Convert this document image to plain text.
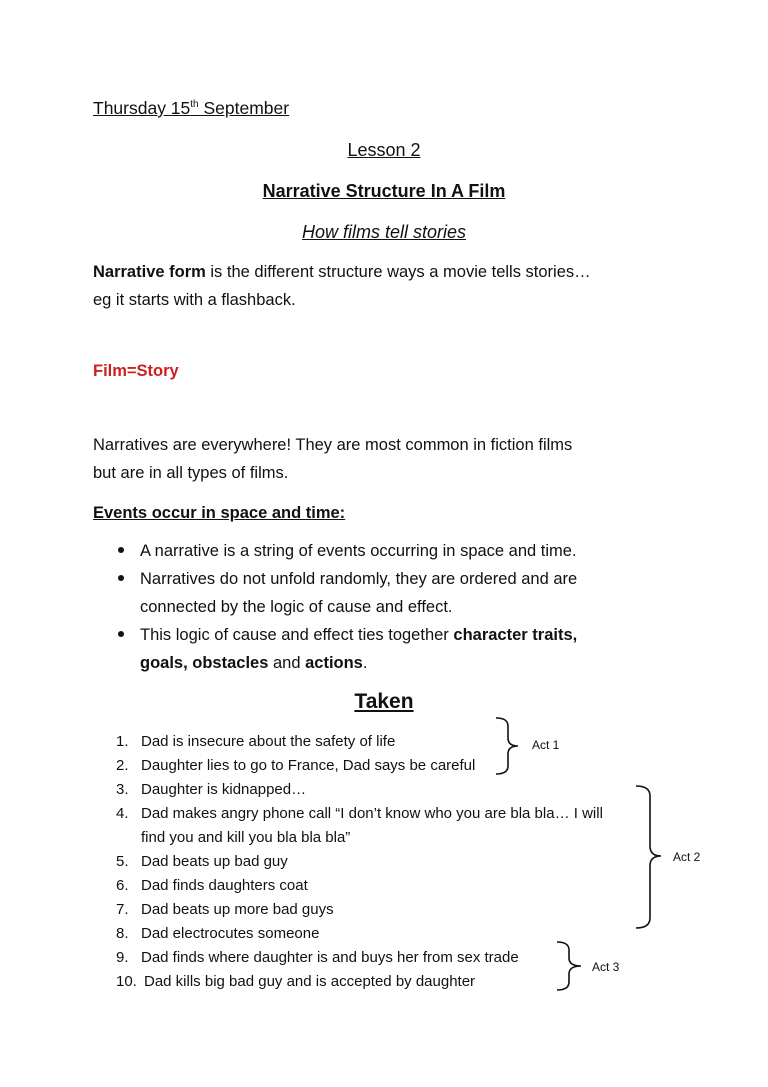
Thursday 15th September
Lesson 2
Narrative Structure In A Film
How films tell stories
Narrative form is the different structure ways a movie tells stories…
eg it starts with a flashback.
Film=Story
Narratives are everywhere! They are most common in fiction films
but are in all types of films.
Events occur in space and time:
A narrative is a string of events occurring in space and time.
Narratives do not unfold randomly, they are ordered and are
connected by the logic of cause and effect.
This logic of cause and effect ties together character traits,
goals, obstacles and actions.
Taken
1. Dad is insecure about the safety of life
2. Daughter lies to go to France, Dad says be careful
3. Daughter is kidnapped…
4. Dad makes angry phone call “I don’t know who you are bla bla… I will
find you and kill you bla bla bla”
5. Dad beats up bad guy
6. Dad finds daughters coat
7. Dad beats up more bad guys
8. Dad electrocutes someone
9. Dad finds where daughter is and buys her from sex trade
10. Dad kills big bad guy and is accepted by daughter
Act 1
Act 2
Act 3
